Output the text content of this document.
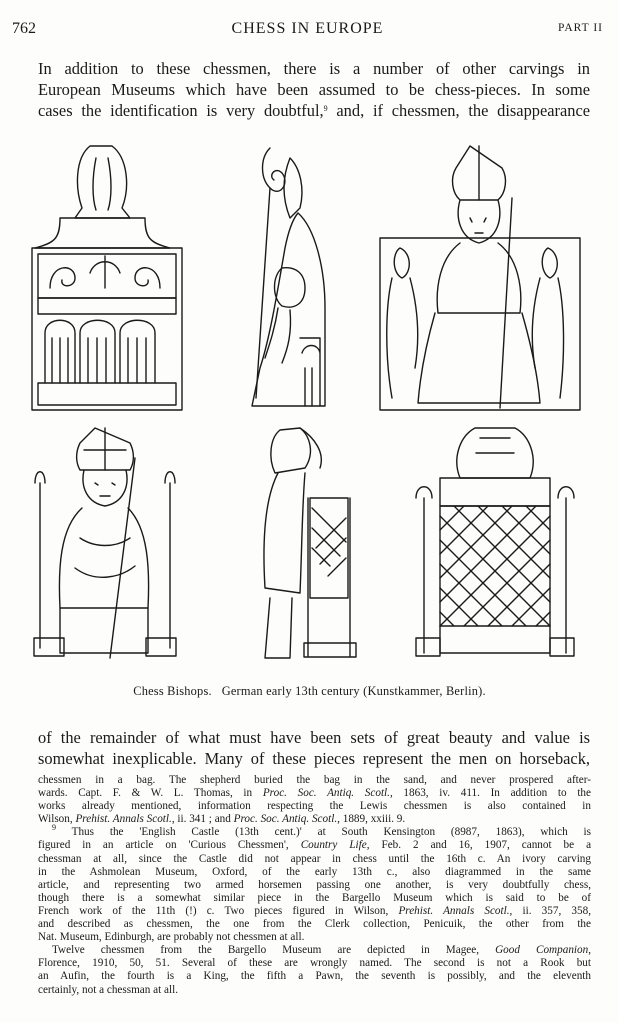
762	CHESS IN EUROPE	PART II
In addition to these chessmen, there is a number of other carvings in
European Museums which have been assumed to be chess-pieces. In some
cases the identification is very doubtful,$^9$ and, if chessmen, the disappearance
Chess Bishops. German early 13th century (Kunstkammer, Berlin).
of the remainder of what must have been sets of great beauty and value is
somewhat inexplicable. Many of these pieces represent the men on horseback,
chessmen in a bag. The shepherd buried the bag in the sand, and never prospered after-
wards. Capt. F. & W. L. Thomas, in Proc. Soc. Antiq. Scotl., 1863, iv. 411. In addition to the
works already mentioned, information respecting the Lewis chessmen is also contained in
Wilson, Prehist. Annals Scotl., ii. 341 ; and Proc. Soc. Antiq. Scotl., 1889, xxiii. 9.
$^9$ Thus the 'English Castle (13th cent.)' at South Kensington (8987, 1863), which is
figured in an article on 'Curious Chessmen', Country Life, Feb. 2 and 16, 1907, cannot be a
chessman at all, since the Castle did not appear in chess until the 16th c. An ivory carving
in the Ashmolean Museum, Oxford, of the early 13th c., also diagrammed in the same
article, and representing two armed horsemen passing one another, is very doubtfully chess,
though there is a somewhat similar piece in the Bargello Museum which is said to be of
French work of the 11th (!) c. Two pieces figured in Wilson, Prehist. Annals Scotl., ii. 357, 358,
and described as chessmen, the one from the Clerk collection, Penicuik, the other from the
Nat. Museum, Edinburgh, are probably not chessmen at all.
Twelve chessmen from the Bargello Museum are depicted in Magee, Good Companion,
Florence, 1910, 50, 51. Several of these are wrongly named. The second is not a Rook but
an Aufin, the fourth is a King, the fifth a Pawn, the seventh is possibly, and the eleventh
certainly, not a chessman at all.
